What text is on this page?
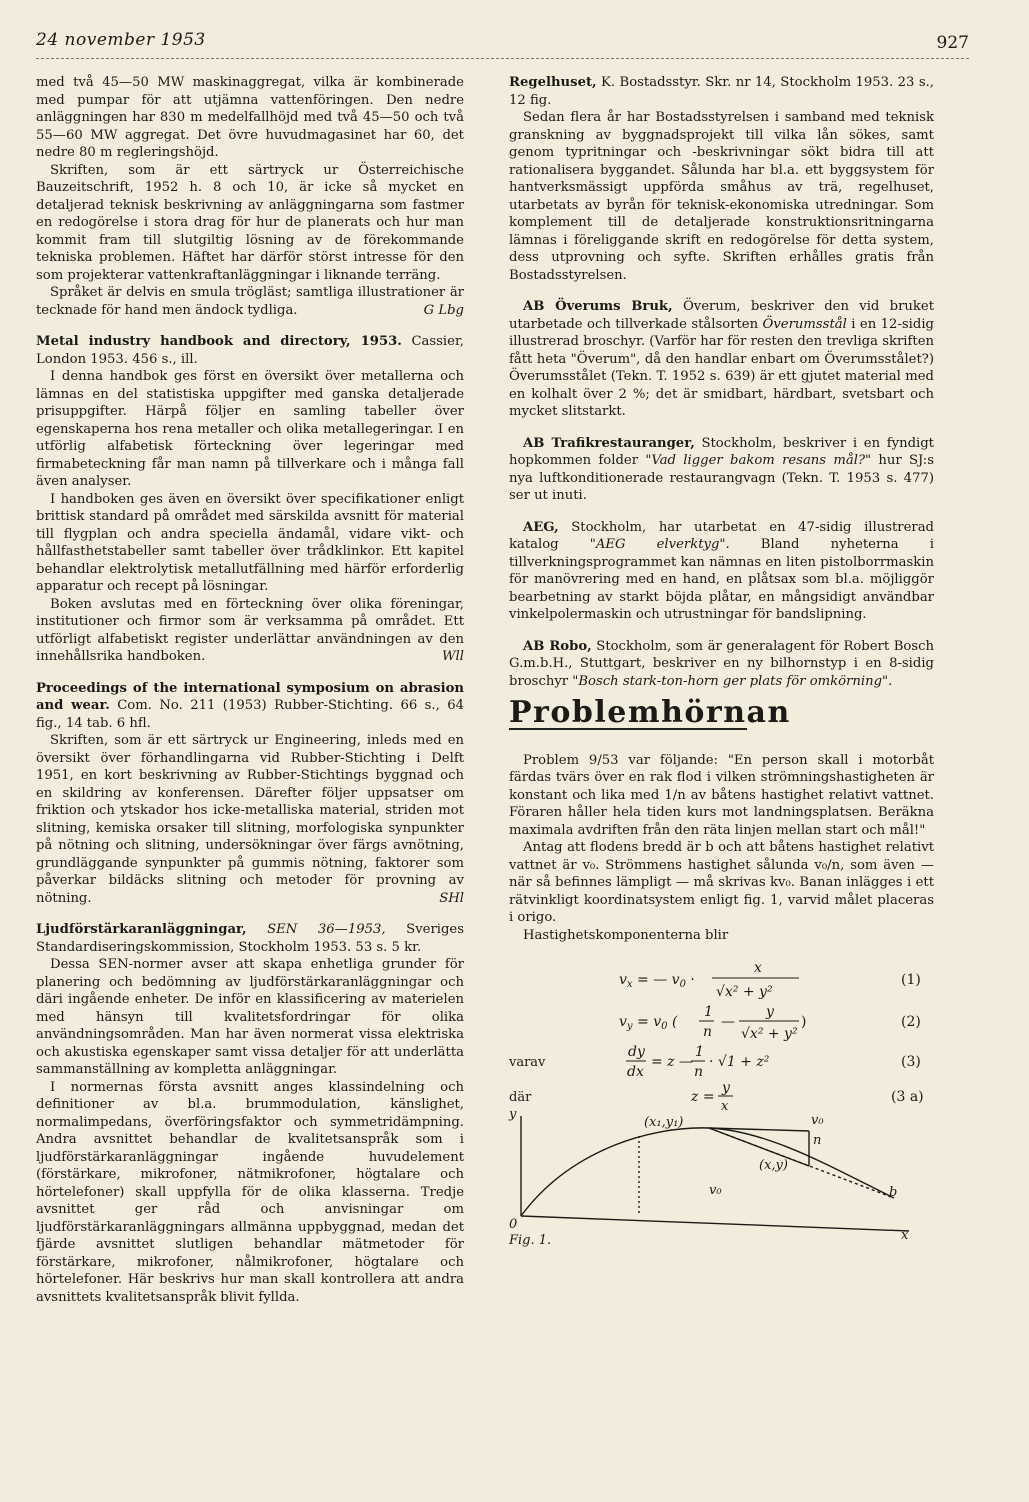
24 november 1953	927

med två 45—50 MW maskinaggregat, vilka är kombinerade med pumpar för att utjämna vattenföringen. Den nedre anläggningen har 830 m medelfallhöjd med två 45—50 och två 55—60 MW aggregat. Det övre huvudmagasinet har 60, det nedre 80 m regleringshöjd.

Skriften, som är ett särtryck ur Österreichische Bauzeitschrift, 1952 h. 8 och 10, är icke så mycket en detaljerad teknisk beskrivning av anläggningarna som fastmer en redogörelse i stora drag för hur de planerats och hur man kommit fram till slutgiltig lösning av de förekommande tekniska problemen. Häftet har därför störst intresse för den som projekterar vattenkraftanläggningar i liknande terräng.

Språket är delvis en smula trögläst; samtliga illustrationer är tecknade för hand men ändock tydliga.	G Lbg

Metal industry handbook and directory, 1953. Cassier, London 1953. 456 s., ill.

I denna handbok ges först en översikt över metallerna och lämnas en del statistiska uppgifter med ganska detaljerade prisuppgifter. Härpå följer en samling tabeller över egenskaperna hos rena metaller och olika metallegeringar. I en utförlig alfabetisk förteckning över legeringar med firmabeteckning får man namn på tillverkare och i många fall även analyser.

I handboken ges även en översikt över specifikationer enligt brittisk standard på området med särskilda avsnitt för material till flygplan och andra speciella ändamål, vidare vikt- och hållfasthetstabeller samt tabeller över trådklinkor. Ett kapitel behandlar elektrolytisk metallutfällning med härför erforderlig apparatur och recept på lösningar.

Boken avslutas med en förteckning över olika föreningar, institutioner och firmor som är verksamma på området. Ett utförligt alfabetiskt register underlättar användningen av den innehållsrika handboken.	Wll

Proceedings of the international symposium on abrasion and wear. Com. No. 211 (1953) Rubber-Stichting. 66 s., 64 fig., 14 tab. 6 hfl.

Skriften, som är ett särtryck ur Engineering, inleds med en översikt över förhandlingarna vid Rubber-Stichting i Delft 1951, en kort beskrivning av Rubber-Stichtings byggnad och en skildring av konferensen. Därefter följer uppsatser om friktion och ytskador hos icke-metalliska material, striden mot slitning, kemiska orsaker till slitning, morfologiska synpunkter på nötning och slitning, undersökningar över färgs avnötning, grundläggande synpunkter på gummis nötning, faktorer som påverkar bildäcks slitning och metoder för provning av nötning.	SHl

Ljudförstärkaranläggningar, SEN 36—1953, Sveriges Standardiseringskommission, Stockholm 1953. 53 s. 5 kr.

Dessa SEN-normer avser att skapa enhetliga grunder för planering och bedömning av ljudförstärkaranläggningar och däri ingående enheter. De inför en klassificering av materielen med hänsyn till kvalitetsfordringar för olika användningsområden. Man har även normerat vissa elektriska och akustiska egenskaper samt vissa detaljer för att underlätta sammanställning av kompletta anläggningar.

I normernas första avsnitt anges klassindelning och definitioner av bl.a. brummodulation, känslighet, normalimpedans, överföringsfaktor och symmetridämpning. Andra avsnittet behandlar de kvalitetsanspråk som i ljudförstärkaranläggningar ingående huvudelement (förstärkare, mikrofoner, nätmikrofoner, högtalare och hörtelefoner) skall uppfylla för de olika klasserna. Tredje avsnittet ger råd och anvisningar om ljudförstärkaranläggningars allmänna uppbyggnad, medan det fjärde avsnittet slutligen behandlar mätmetoder för förstärkare, mikrofoner, nålmikrofoner, högtalare och hörtelefoner. Här beskrivs hur man skall kontrollera att andra avsnittets kvalitetsanspråk blivit fyllda.

Regelhuset, K. Bostadsstyr. Skr. nr 14, Stockholm 1953. 23 s., 12 fig.

Sedan flera år har Bostadsstyrelsen i samband med teknisk granskning av byggnadsprojekt till vilka lån sökes, samt genom typritningar och -beskrivningar sökt bidra till att rationalisera byggandet. Sålunda har bl.a. ett byggsystem för hantverksmässigt uppförda småhus av trä, regelhuset, utarbetats av byrån för teknisk-ekonomiska utredningar. Som komplement till de detaljerade konstruktionsritningarna lämnas i föreliggande skrift en redogörelse för detta system, dess utprovning och syfte. Skriften erhålles gratis från Bostadsstyrelsen.

AB Överums Bruk, Överum, beskriver den vid bruket utarbetade och tillverkade stålsorten Överumsstål i en 12-sidig illustrerad broschyr. (Varför har för resten den trevliga skriften fått heta "Överum", då den handlar enbart om Överumsstålet?) Överumsstålet (Tekn. T. 1952 s. 639) är ett gjutet material med en kolhalt över 2 %; det är smidbart, härdbart, svetsbart och mycket slitstarkt.

AB Trafikrestauranger, Stockholm, beskriver i en fyndigt hopkommen folder "Vad ligger bakom resans mål?" hur SJ:s nya luftkonditionerade restaurangvagn (Tekn. T. 1953 s. 477) ser ut inuti.

AEG, Stockholm, har utarbetat en 47-sidig illustrerad katalog "AEG elverktyg". Bland nyheterna i tillverkningsprogrammet kan nämnas en liten pistolborrmaskin för manövrering med en hand, en plåtsax som bl.a. möjliggör bearbetning av starkt böjda plåtar, en mångsidigt användbar vinkelpolermaskin och utrustningar för bandslipning.

AB Robo, Stockholm, som är generalagent för Robert Bosch G.m.b.H., Stuttgart, beskriver en ny bilhornstyp i en 8-sidig broschyr "Bosch stark-ton-horn ger plats för omkörning".

Problemhörnan

Problem 9/53 var följande: "En person skall i motorbåt färdas tvärs över en rak flod i vilken strömningshastigheten är konstant och lika med 1/n av båtens hastighet relativt vattnet. Föraren håller hela tiden kurs mot landningsplatsen. Beräkna maximala avdriften från den räta linjen mellan start och mål!"

Antag att flodens bredd är b och att båtens hastighet relativt vattnet är v₀. Strömmens hastighet sålunda v₀/n, som även — när så befinnes lämpligt — må skrivas kv₀. Banan inlägges i ett rätvinkligt koordinatsystem enligt fig. 1, varvid målet placeras i origo.

Hastighetskomponenterna blir

$v_x$ = — $v_0$ ·
x
√x² + y²
(1)
$v_y = v_0$ (
1
n
—
y
√x² + y²
)	(2)
varav
dy
dx
= z —
1
n
· √1 + z²	(3)
där	z =
y
x
(3 a)
y
0
(x₁,y₁)	v₀
n
(x,y)
v₀	b
x
Fig. 1.
